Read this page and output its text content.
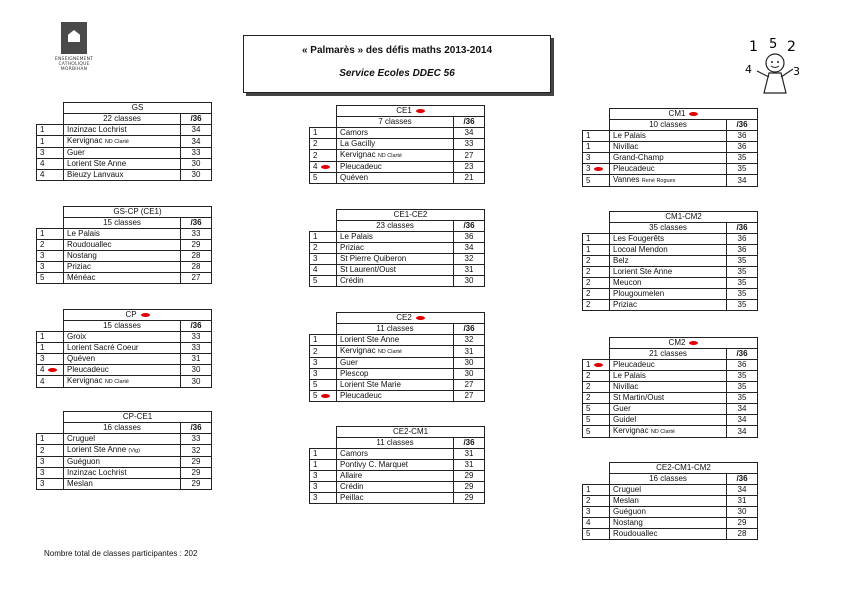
ENSEIGNEMENT
CATHOLIQUE
MORBIHAN
« Palmarès » des défis maths 2013-2014
Service Ecoles DDEC 56
1 5 2
4	3
	GS	
	22 classes	/36
1	Inzinzac Lochrist	34
1	Kervignac ND Clarté	34
3	Guer	33
4	Lorient Ste Anne	30
4	Bieuzy Lanvaux	30
	GS-CP (CE1)	
	15 classes	/36
1	Le Palais	33
2	Roudouallec	29
3	Nostang	28
3	Priziac	28
5	Ménéac	27
	CP	
	15 classes	/36
1	Groix	33
1	Lorient Sacré Coeur	33
3	Quéven	31
4	Pleucadeuc	30
4	Kervignac ND Clarté	30
	CP-CE1	
	16 classes	/36
1	Cruguel	33
2	Lorient Ste Anne (Vig)	32
3	Guéguon	29
3	Inzinzac Lochrist	29
3	Meslan	29
	CE1	
	7 classes	/36
1	Camors	34
2	La Gacilly	33
2	Kervignac ND Clarté	27
4	Pleucadeuc	23
5	Quéven	21
	CE1-CE2	
	23 classes	/36
1	Le Palais	36
2	Priziac	34
3	St Pierre Quiberon	32
4	St Laurent/Oust	31
5	Crédin	30
	CE2	
	11 classes	/36
1	Lorient Ste Anne	32
2	Kervignac ND Clarté	31
3	Guer	30
3	Plescop	30
5	Lorient Ste Marie	27
5	Pleucadeuc	27
	CE2-CM1	
	11 classes	/36
1	Camors	31
1	Pontivy C. Marquet	31
3	Allaire	29
3	Crédin	29
3	Peillac	29
	CM1	
	10 classes	/36
1	Le Palais	36
1	Nivillac	36
3	Grand-Champ	35
3	Pleucadeuc	35
5	Vannes René Rogues	34
	CM1-CM2	
	35 classes	/36
1	Les Fougerêts	36
1	Locoal Mendon	36
2	Belz	35
2	Lorient Ste Anne	35
2	Meucon	35
2	Plougoumelen	35
2	Priziac	35
	CM2	
	21 classes	/36
1	Pleucadeuc	36
2	Le Palais	35
2	Nivillac	35
2	St Martin/Oust	35
5	Guer	34
5	Guidel	34
5	Kervignac ND Clarté	34
	CE2-CM1-CM2	
	16 classes	/36
1	Cruguel	34
2	Meslan	31
3	Guéguon	30
4	Nostang	29
5	Roudouallec	28
Nombre total de classes participantes : 202
